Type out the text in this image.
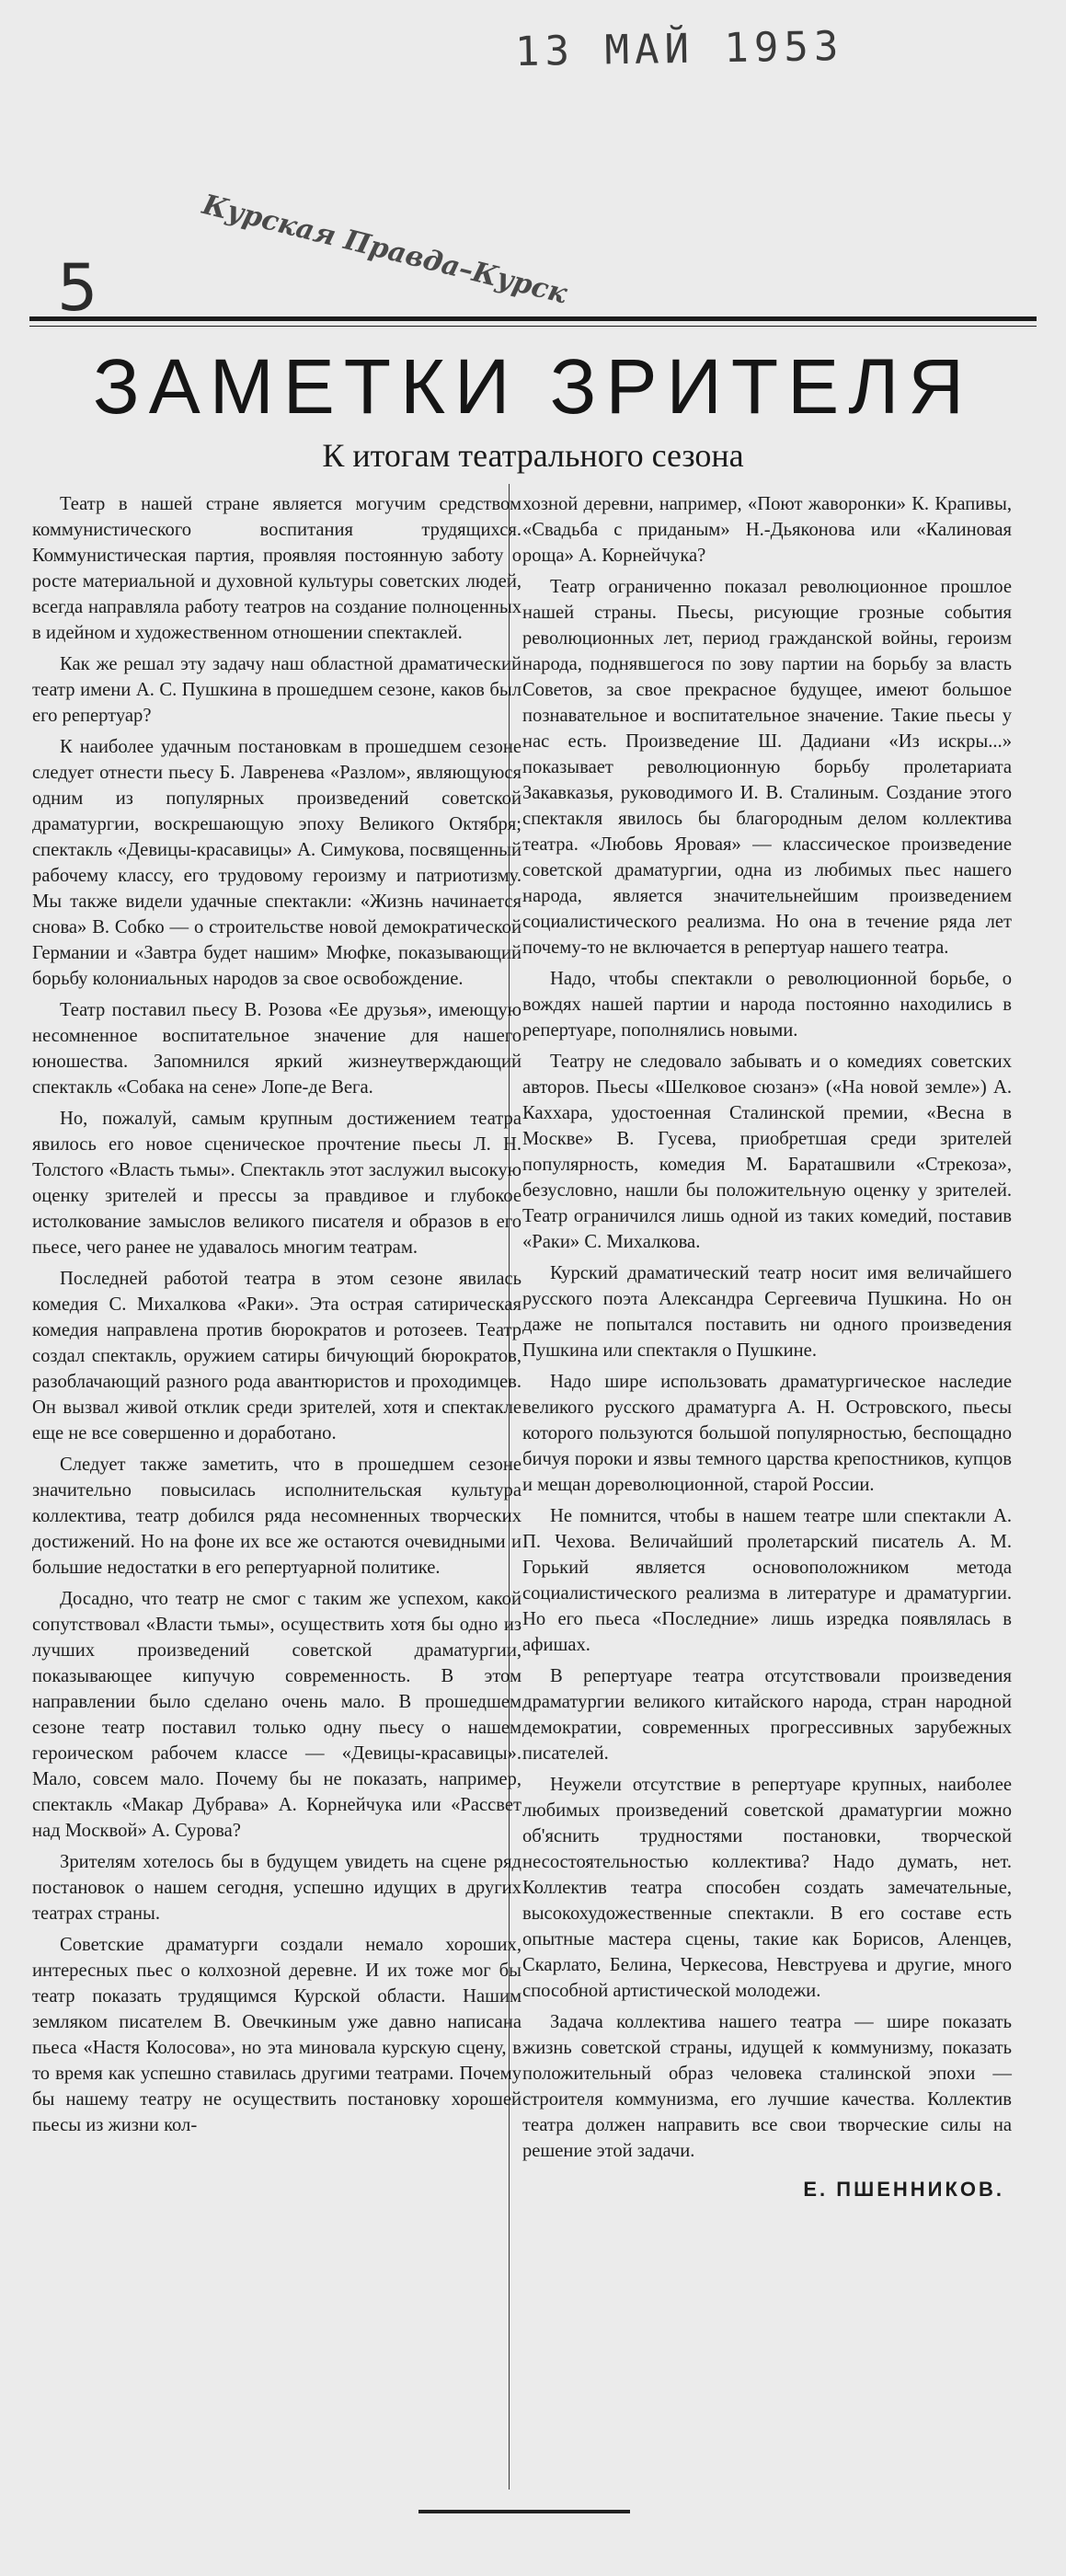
13 МАЙ 1953
Курская Правда–Курск
5
ЗАМЕТКИ ЗРИТЕЛЯ
К итогам театрального сезона

Театр в нашей стране является могучим средством коммунистического воспитания трудящихся. Коммунистическая партия, проявляя постоянную заботу о росте материальной и духовной культуры советских людей, всегда направляла работу театров на создание полноценных в идейном и художественном отношении спектаклей.

Как же решал эту задачу наш областной драматический театр имени А. С. Пушкина в прошедшем сезоне, каков был его репертуар?

К наиболее удачным постановкам в прошедшем сезоне следует отнести пьесу Б. Лавренева «Разлом», являющуюся одним из популярных произведений советской драматургии, воскрешающую эпоху Великого Октября; спектакль «Девицы-красавицы» А. Симукова, посвященный рабочему классу, его трудовому героизму и патриотизму. Мы также видели удачные спектакли: «Жизнь начинается снова» В. Собко — о строительстве новой демократической Германии и «Завтра будет нашим» Мюфке, показывающий борьбу колониальных народов за свое освобождение.

Театр поставил пьесу В. Розова «Ее друзья», имеющую несомненное воспитательное значение для нашего юношества. Запомнился яркий жизнеутверждающий спектакль «Собака на сене» Лопе-де Вега.

Но, пожалуй, самым крупным достижением театра явилось его новое сценическое прочтение пьесы Л. Н. Толстого «Власть тьмы». Спектакль этот заслужил высокую оценку зрителей и прессы за правдивое и глубокое истолкование замыслов великого писателя и образов в его пьесе, чего ранее не удавалось многим театрам.

Последней работой театра в этом сезоне явилась комедия С. Михалкова «Раки». Эта острая сатирическая комедия направлена против бюрократов и ротозеев. Театр создал спектакль, оружием сатиры бичующий бюрократов, разоблачающий разного рода авантюристов и проходимцев. Он вызвал живой отклик среди зрителей, хотя и спектакле еще не все совершенно и доработано.

Следует также заметить, что в прошедшем сезоне значительно повысилась исполнительская культура коллектива, театр добился ряда несомненных творческих достижений. Но на фоне их все же остаются очевидными и большие недостатки в его репертуарной политике.

Досадно, что театр не смог с таким же успехом, какой сопутствовал «Власти тьмы», осуществить хотя бы одно из лучших произведений советской драматургии, показывающее кипучую современность. В этом направлении было сделано очень мало. В прошедшем сезоне театр поставил только одну пьесу о нашем героическом рабочем классе — «Девицы-красавицы». Мало, совсем мало. Почему бы не показать, например, спектакль «Макар Дубрава» А. Корнейчука или «Рассвет над Москвой» А. Сурова?

Зрителям хотелось бы в будущем увидеть на сцене ряд постановок о нашем сегодня, успешно идущих в других театрах страны.

Советские драматурги создали немало хороших, интересных пьес о колхозной деревне. И их тоже мог бы театр показать трудящимся Курской области. Нашим земляком писателем В. Овечкиным уже давно написана пьеса «Настя Колосова», но эта миновала курскую сцену, в то время как успешно ставилась другими театрами. Почему бы нашему театру не осуществить постановку хорошей пьесы из жизни кол-

хозной деревни, например, «Поют жаворонки» К. Крапивы, «Свадьба с приданым» Н.-Дьяконова или «Калиновая роща» А. Корнейчука?

Театр ограниченно показал революционное прошлое нашей страны. Пьесы, рисующие грозные события революционных лет, период гражданской войны, героизм народа, поднявшегося по зову партии на борьбу за власть Советов, за свое прекрасное будущее, имеют большое познавательное и воспитательное значение. Такие пьесы у нас есть. Произведение Ш. Дадиани «Из искры...» показывает революционную борьбу пролетариата Закавказья, руководимого И. В. Сталиным. Создание этого спектакля явилось бы благородным делом коллектива театра. «Любовь Яровая» — классическое произведение советской драматургии, одна из любимых пьес нашего народа, является значительнейшим произведением социалистического реализма. Но она в течение ряда лет почему-то не включается в репертуар нашего театра.

Надо, чтобы спектакли о революционной борьбе, о вождях нашей партии и народа постоянно находились в репертуаре, пополнялись новыми.

Театру не следовало забывать и о комедиях советских авторов. Пьесы «Шелковое сюзанэ» («На новой земле») А. Каххара, удостоенная Сталинской премии, «Весна в Москве» В. Гусева, приобретшая среди зрителей популярность, комедия М. Бараташвили «Стрекоза», безусловно, нашли бы положительную оценку у зрителей. Театр ограничился лишь одной из таких комедий, поставив «Раки» С. Михалкова.

Курский драматический театр носит имя величайшего русского поэта Александра Сергеевича Пушкина. Но он даже не попытался поставить ни одного произведения Пушкина или спектакля о Пушкине.

Надо шире использовать драматургическое наследие великого русского драматурга А. Н. Островского, пьесы которого пользуются большой популярностью, беспощадно бичуя пороки и язвы темного царства крепостников, купцов и мещан дореволюционной, старой России.

Не помнится, чтобы в нашем театре шли спектакли А. П. Чехова. Величайший пролетарский писатель А. М. Горький является основоположником метода социалистического реализма в литературе и драматургии. Но его пьеса «Последние» лишь изредка появлялась в афишах.

В репертуаре театра отсутствовали произведения драматургии великого китайского народа, стран народной демократии, современных прогрессивных зарубежных писателей.

Неужели отсутствие в репертуаре крупных, наиболее любимых произведений советской драматургии можно об'яснить трудностями постановки, творческой несостоятельностью коллектива? Надо думать, нет. Коллектив театра способен создать замечательные, высокохудожественные спектакли. В его составе есть опытные мастера сцены, такие как Борисов, Аленцев, Скарлато, Белина, Черкесова, Невструева и другие, много способной артистической молодежи.

Задача коллектива нашего театра — шире показать жизнь советской страны, идущей к коммунизму, показать положительный образ человека сталинской эпохи — строителя коммунизма, его лучшие качества. Коллектив театра должен направить все свои творческие силы на решение этой задачи.

Е. ПШЕННИКОВ.
